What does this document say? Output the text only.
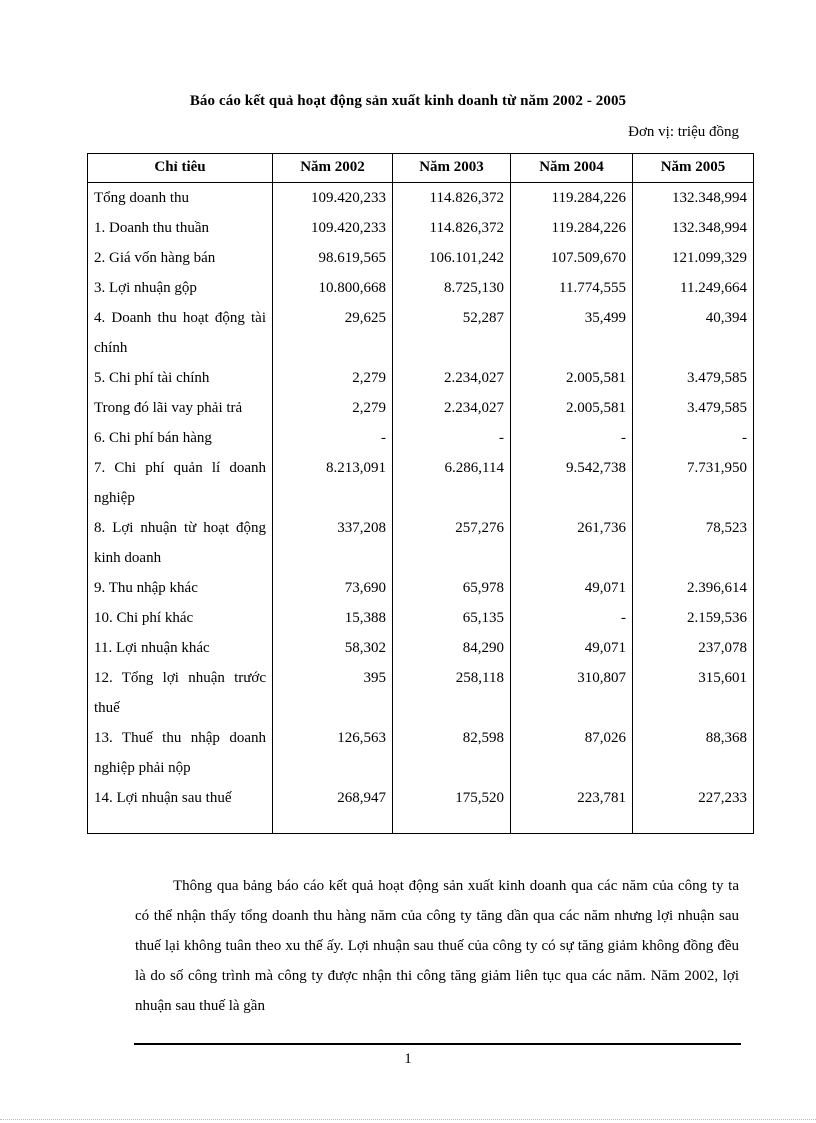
Báo cáo kết quả hoạt động sản xuất kinh doanh từ năm 2002 - 2005
Đơn vị: triệu đồng
Chỉ tiêu	Năm 2002	Năm 2003	Năm 2004	Năm 2005
Tổng doanh thu	109.420,233	114.826,372	119.284,226	132.348,994
1. Doanh thu thuần	109.420,233	114.826,372	119.284,226	132.348,994
2. Giá vốn hàng bán	98.619,565	106.101,242	107.509,670	121.099,329
3. Lợi nhuận gộp	10.800,668	8.725,130	11.774,555	11.249,664
4. Doanh thu hoạt động tài chính	29,625	52,287	35,499	40,394
5. Chi phí tài chính	2,279	2.234,027	2.005,581	3.479,585
Trong đó lãi vay phải trả	2,279	2.234,027	2.005,581	3.479,585
6. Chi phí bán hàng	-	-	-	-
7. Chi phí quản lí doanh nghiệp	8.213,091	6.286,114	9.542,738	7.731,950
8. Lợi nhuận từ hoạt động kinh doanh	337,208	257,276	261,736	78,523
9. Thu nhập khác	73,690	65,978	49,071	2.396,614
10. Chi phí khác	15,388	65,135	-	2.159,536
11. Lợi nhuận khác	58,302	84,290	49,071	237,078
12. Tổng lợi nhuận trước thuế	395	258,118	310,807	315,601
13. Thuế thu nhập doanh nghiệp phải nộp	126,563	82,598	87,026	88,368
14. Lợi nhuận sau thuế	268,947	175,520	223,781	227,233

Thông qua bảng báo cáo kết quả hoạt động sản xuất kinh doanh qua các năm của công ty ta có thể nhận thấy tổng doanh thu hàng năm của công ty tăng dần qua các năm nhưng lợi nhuận sau thuế lại không tuân theo xu thế ấy. Lợi nhuận sau thuế của công ty có sự tăng giảm không đồng đều là do số công trình mà công ty được nhận thi công tăng giảm liên tục qua các năm. Năm 2002, lợi nhuận sau thuế là gần

1
